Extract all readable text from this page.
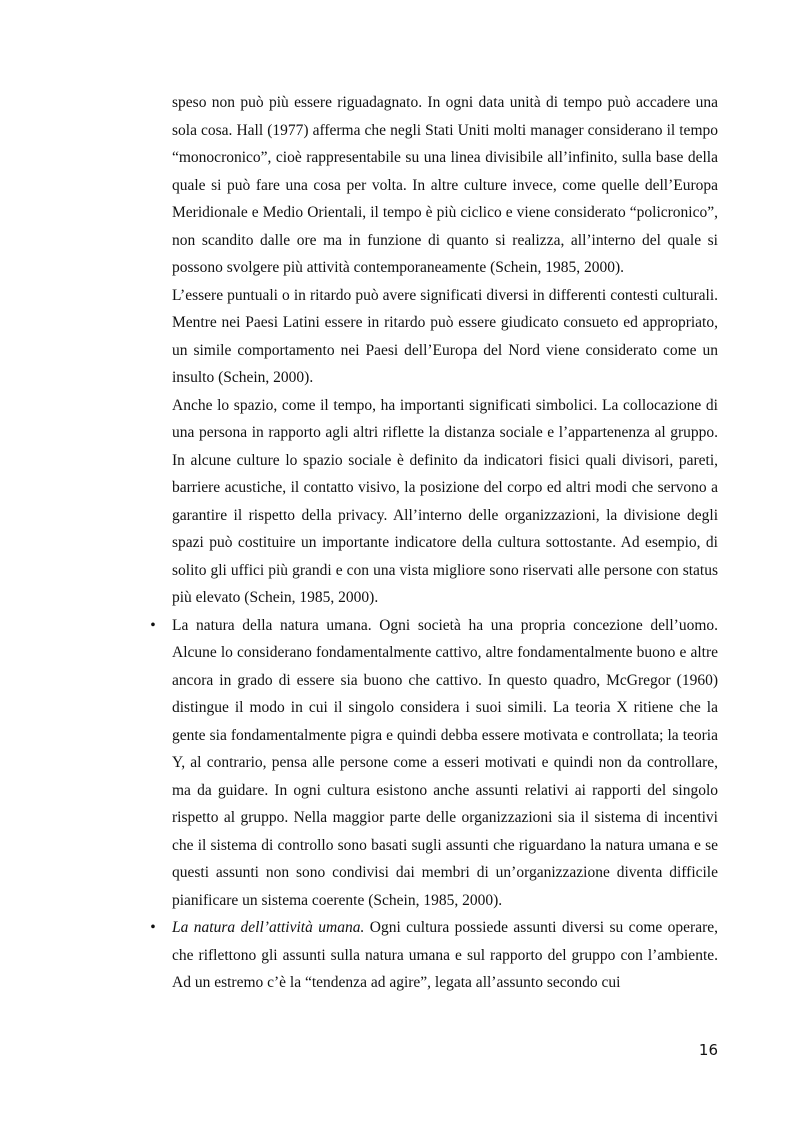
speso non può più essere riguadagnato. In ogni data unità di tempo può accadere una sola cosa. Hall (1977) afferma che negli Stati Uniti molti manager considerano il tempo “monocronico”, cioè rappresentabile su una linea divisibile all’infinito, sulla base della quale si può fare una cosa per volta. In altre culture invece, come quelle dell’Europa Meridionale e Medio Orientali, il tempo è più ciclico e viene considerato “policronico”, non scandito dalle ore ma in funzione di quanto si realizza, all’interno del quale si possono svolgere più attività contemporaneamente (Schein, 1985, 2000).

L’essere puntuali o in ritardo può avere significati diversi in differenti contesti culturali. Mentre nei Paesi Latini essere in ritardo può essere giudicato consueto ed appropriato, un simile comportamento nei Paesi dell’Europa del Nord viene considerato come un insulto (Schein, 2000).

Anche lo spazio, come il tempo, ha importanti significati simbolici. La collocazione di una persona in rapporto agli altri riflette la distanza sociale e l’appartenenza al gruppo. In alcune culture lo spazio sociale è definito da indicatori fisici quali divisori, pareti, barriere acustiche, il contatto visivo, la posizione del corpo ed altri modi che servono a garantire il rispetto della privacy. All’interno delle organizzazioni, la divisione degli spazi può costituire un importante indicatore della cultura sottostante. Ad esempio, di solito gli uffici più grandi e con una vista migliore sono riservati alle persone con status più elevato (Schein, 1985, 2000).

• La natura della natura umana. Ogni società ha una propria concezione dell’uomo. Alcune lo considerano fondamentalmente cattivo, altre fondamentalmente buono e altre ancora in grado di essere sia buono che cattivo. In questo quadro, McGregor (1960) distingue il modo in cui il singolo considera i suoi simili. La teoria X ritiene che la gente sia fondamentalmente pigra e quindi debba essere motivata e controllata; la teoria Y, al contrario, pensa alle persone come a esseri motivati e quindi non da controllare, ma da guidare. In ogni cultura esistono anche assunti relativi ai rapporti del singolo rispetto al gruppo. Nella maggior parte delle organizzazioni sia il sistema di incentivi che il sistema di controllo sono basati sugli assunti che riguardano la natura umana e se questi assunti non sono condivisi dai membri di un’organizzazione diventa difficile pianificare un sistema coerente (Schein, 1985, 2000).
• La natura dell’attività umana. Ogni cultura possiede assunti diversi su come operare, che riflettono gli assunti sulla natura umana e sul rapporto del gruppo con l’ambiente. Ad un estremo c’è la “tendenza ad agire”, legata all’assunto secondo cui
16
